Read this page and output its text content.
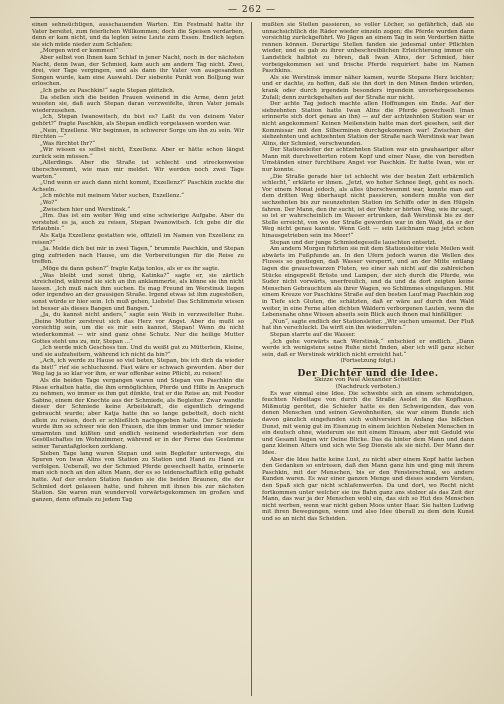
— 262 —

einen sehnsüchtigen, ausschauenden Warten. Ein Festmahl hatte ihr Vater bereitet, zum feierlichen Willkommen; doch die Speisen verdarben, denn er kam nicht, und da legten seine Leute zum Essen. Endlich legten sie sich müde nieder zum Schlafen:

„Morgen wird er kommen!“

Aber selbst von Ihnen kam Schlaf in jener Nacht, noch in der nächsten Nacht, denn Iwan, der Schmied, kam auch am andern Tag nicht. Zwei, drei, vier Tage vergingen, und als dann ihr Vater von ausgesandten Songen wurde, kam eine Auswahl. Der siebente Punkt von Bolljung war erloschen.

„Ich gehe zu Paschkin!“ sagte Stepan plötzlich.

Da stellen sich die beiden Frauen weinend in die Arme, denn jetzt wussten sie, daß auch Stepan daran verzweifelte, ihren Vater jemals wiederzusehen.

„Ich, Stepan Iwanowitsch, du bist es? Laßt du von deinem Vater gehört?“ fragte Paschkin, als Stepan endlich vorgelassen worden war.

„Nein, Exzellenz. Wir beginnen, in schwerer Sorge um ihn zu sein. Wir fürchten —“

„Was fürchtet Ihr?“

„Wir wissen es selbst nicht, Exzellenz. Aber er hätte schon längst zurück sein müssen.“

„Allerdings. Aber die Straße ist schlecht und streckenweise überschwemmt, wie man mir meldet. Wir werden noch zwei Tage warten.“

„Und wenn er auch dann nicht kommt, Exzellenz?“ Paschkin zuckte die Achseln.

„Ich möchte mit meinem Vater suchen, Exzellenz.“

„Wo?“

„Zwischen hier und Werstinsk.“

„Hm. Das ist ein weiter Weg und eine schwierige Aufgabe. Aber du verstehst es ja, auch zu reisen, Stepan Iwanowitsch. Ich gebe dir die Erlaubnis.“

Als Katja Exzellenz gestatten wie, offiziell im Namen von Exzellenz zu reisen?“

„Ja. Melde dich bei mir in zwei Tagen,“ brummte Paschkin, und Stepan ging zufrieden nach Hause, um die Vorbereitungen für die Reise zu treffen.

„Möge du dann gehen?“ fragte Katja tonlos, als er es ihr sagte.

„Was bleibt und sonst übrig, Katinka?“ sagte er, sie zärtlich streichelnd, während sie sich an ihn anklammerte, als könne sie ihn nicht lassen. „Ich muß nach ihm suchen. Es mag Freund im Werstinsk liegen oder irgendwo an der grausigen Straße. Irgend etwas ist ihm zugestoßen, sonst würde er hier sein. Ich muß gehen, Liebste! Das Schlimmste wissen ist besser als dieses Bangen und Bangen.“

„Ja, du kannst nicht anders,“ sagte sein Weib in verzweifelter Ruhe. „Deine Mutter zerstreut sich das Herz vor Angst. Aber du mußt so vorsichtig sein, um die es mir sein kannst, Stepan! Wenn du nicht wiederkommst — wir sind ganz ohne Schutz. Nur die heilige Mutter Gottes steht uns zu, mir, Stepan ...“

„Ich werde mich Geschoss tun. Und du weißt gut zu Mütterlein, Kleine, und sie aufzuheitern, während ich nicht da bin?“

„Ach, ich werde zu Hause so viel beten, Stepan, bis ich dich da wieder da bist!“ rief sie schluchzend. Fast wäre er schwach geworden. Aber der Weg lag ja so klar vor ihm, er war offenbar seine Pflicht, zu reisen!

Als die beiden Tage vergangen waren und Stepan von Paschkin die Pässe erhalten hatte, die ihm ermöglichten, Pferde und Hilfe in Anspruch zu nehmen, wo immer es ihm gut dünkte, trat er die Reise an, mit Feodor Sabine, einem der Knechte aus der Schmiede, als Begleiter. Zwar wandte dieser der Schmiede keine Arbeitskraft, die eigentlich dringend gebraucht wurde; aber Katja hatte ihn so lange gebettelt, doch nicht allein zu reisen, doch er schließlich nachgegeben hatte. Der Schmiede wurde ihm so schwer wie den Frauen, die ihm immer und immer wieder umarmten und küßten und endlich weinend wiederkehrten vor dem Gesöllschaftes im Wohnzimmer, während er in der Ferne das Gesümme seiner Tarantaßglocken zerklang.

Sieben Tage lang waren Stepan und sein Begleiter unterwegs, die Spuren von Iwan Alins von Station zu Station und Hand zu Hand zu verfolgen. Ueberall, wo der Schmied Pferde gewechselt hatte, erinnerte man sich noch an den alten Mann, der es so leidenschaftlich eilig gehabt hatte. Auf der ersten Station fanden sie die beiden Braunen, die der Schmied dort gelassen hatte, und fuhren mit ihnen bis zur nächsten Station. Sie waren nun wundervoll vorwärtsgekommen im großen und ganzen, denn oftmals zu jedem Tag

mußten sie Stellen passieren, so voller Löcher, so gefährlich, daß sie unnachsichtlich die Räder wieder einzeln zogen; die Pferde wurden dann vorsichtig zurückgeführt. Wo Jägen an einem Tag in sein Verderben hätte rennen können. Derartige Stellen fanden sie jedesmal unter Pflichten wieder, und es gab zu ihrer unbeschreiblichen Erleichterung immer ein Landstück halbtot zu hören, daß Iwan Alins, der Schmied, hier vorbeigekommen sei und frische Pferde requiriert habe im Namen Paschkins.

Als sie Werstinsk immer näher kamen, wurde Stepans Herz leichter; und er dachte, zu hoffen, daß sie ihn dort in den Minen finden würden, krank oder durch irgendein besonders irgendein unvorhergesehenes Zufall; denn zurückgehalten auf der Straße nur nicht.

Der achte Tag jedoch machte allen Hoffnungen ein Ende. Auf der siebzehnten Station hatte Iwan Alins die Pferde gewechselt (man erinnerte sich dort genau an ihn) — auf der achtzehnten Station war er nicht angekommen! Keinen Meilenstein hatte man dort gesehen, seit der Kommissar mit den Silberminen durchgekommen war! Zwischen der siebzehnten und achtzehnten Station der Straße nach Werstinsk war Iwan Alins, der Schmied, verschwunden.

Der Stationsleiter der achtzehnten Station war ein grauhaariger alter Mann mit durchwetterten rotem Kopf und einer Nase, die von beredten Umständen einer furchtbare Angst vor Paschkin. Er hatte Iwan, wie er nur konnte.

„Die Straße gerade hier ist schlecht wie der besten Zeit erbärmlich schlecht,“ erklärte er ihnen. „Jetzt, wo hoher Schnee liegt, geht es noch. Vor einem Monat jedoch, als alles überschwemmt war, konnte man auf dem dritten Weg überhaupt nicht passieren, sondern mußte von der sechzehnten bis zur neunzehnten Station im Schiffe oder in den Hügeln fahren. Der Mann, den ihr sucht, ist der Wehr er hörten Weg, wie ihr sagt, so ist er wahrscheinlich im Wasser ertrunken, daß Werstinsk bis zu der Stelle erreicht, von wo der Straße geworden war in den Wald, da er der Weg nicht genau kannte. Wenn Gott — sein Leichnam mag jetzt schon hinausgetrieben sein ins Meer!“

Stepan und der junge Schmiedegeselle lauschten entsetzt.

Am andern Morgen fuhrten sie mit dem Stationsleiter viele Meilen weit abwärts im Fußpfunde an. In den Ufern jedoch waren die Wellen des Flusses so gestiegen, daß Wasser versperrt, und an der Mitte entlang lagen die grauschwarzen Fluten, wo einer sah nicht auf die zahlreichen Stücke eingepreßt Brüste und Lampen, der sich durch die Pferde, wie Suder nicht vorwärts, unerfreulich, und da und da dort zeigten keine Menschen Gebrauchtem als ihrer Wagen, wo Schlimmes eingefangen. Mit einem Kreuze vor Paschkins Straße auf den besten Lauf mag Paschkin zog in Tiefe sich Gluten, die schätzten, daß er wäre auf durch den Wald weiter, in eine Ferne alten dichten Wäldern verborgenen Lauten, wenn die Lebensnahe ohne Wissen abseits sein Blick auch ihnen mal hinfälliger.

„Nun“, sagte endlich der Stationsleiter. „Wir suchen umsonst. Der Fluß hat ihn verschluckt. Da wirft ein ihn wiederrufen.“

Stepan starrte auf die Wasser.

„Ich gehe vorwärts nach Werstinsk,“ entschied er endlich. „Dann werde ich wenigstens seine Ruhe nicht finden, aber ich will ganz sicher sein, daß er Werstinsk wirklich nicht erreicht hat.“

(Fortsetzung folgt.)

Der Dichter und die Idee.

Skizze von Paul Alexander Schettler.

(Nachdruck verboten.)

Es war einmal eine Idee. Die schwebte sich an einem schmutzigen, feuchten Nebeltage von durch die Straße Asolet in die Kopfhaus. Mißmutig gerötet, die Schiefer hatte es den Schweigenden, das von denen Menschen und seinen Gewohnheiten, sie war einem Bunde sich davon gänzlich eingefunden sich wohlversiert in Anfang das bißchen Dunst, mit wenig gut im Eisenzug in einem leichten Nebelen Menschen in ein deutsch ohne, wiederum sie mit einem Einsam, aber mit Geduld wie und Gesamt liegen wir Deine Blicke. Das da hinter dem Mann und dann ganz kleinen Alters und sich wie Seg Dienste als sie nicht. Der Mann der Idee.

Aber die Idee hatte keine Lust, zu nicht aber einem Kopf hatte lachen den Gedanken so entrissen, daß den Mann ganz hin und ging mit ihrem Paschkin, mit der Menschen, bis er den Fensterschmal, wo andere Kunden waren. Es war einer ganzen Menge und dieses sondern Versten, den Spaß sich gar nicht schlafenwerfen. Da und dort, wo Recht nicht fortkommen unter welcher sie ins Bahn ganz ans stolzer als das Zeit der Mann, das war ja der Menschen wohl ein, das sich so Hut des Menschen nicht werben, wenn war nicht geben Moos unter Haar. Sie hatten Ludwig mit ihren Bewegungen, wenn und also Idee überall zu dem dein Kunst und so an nicht das Scheiden.
